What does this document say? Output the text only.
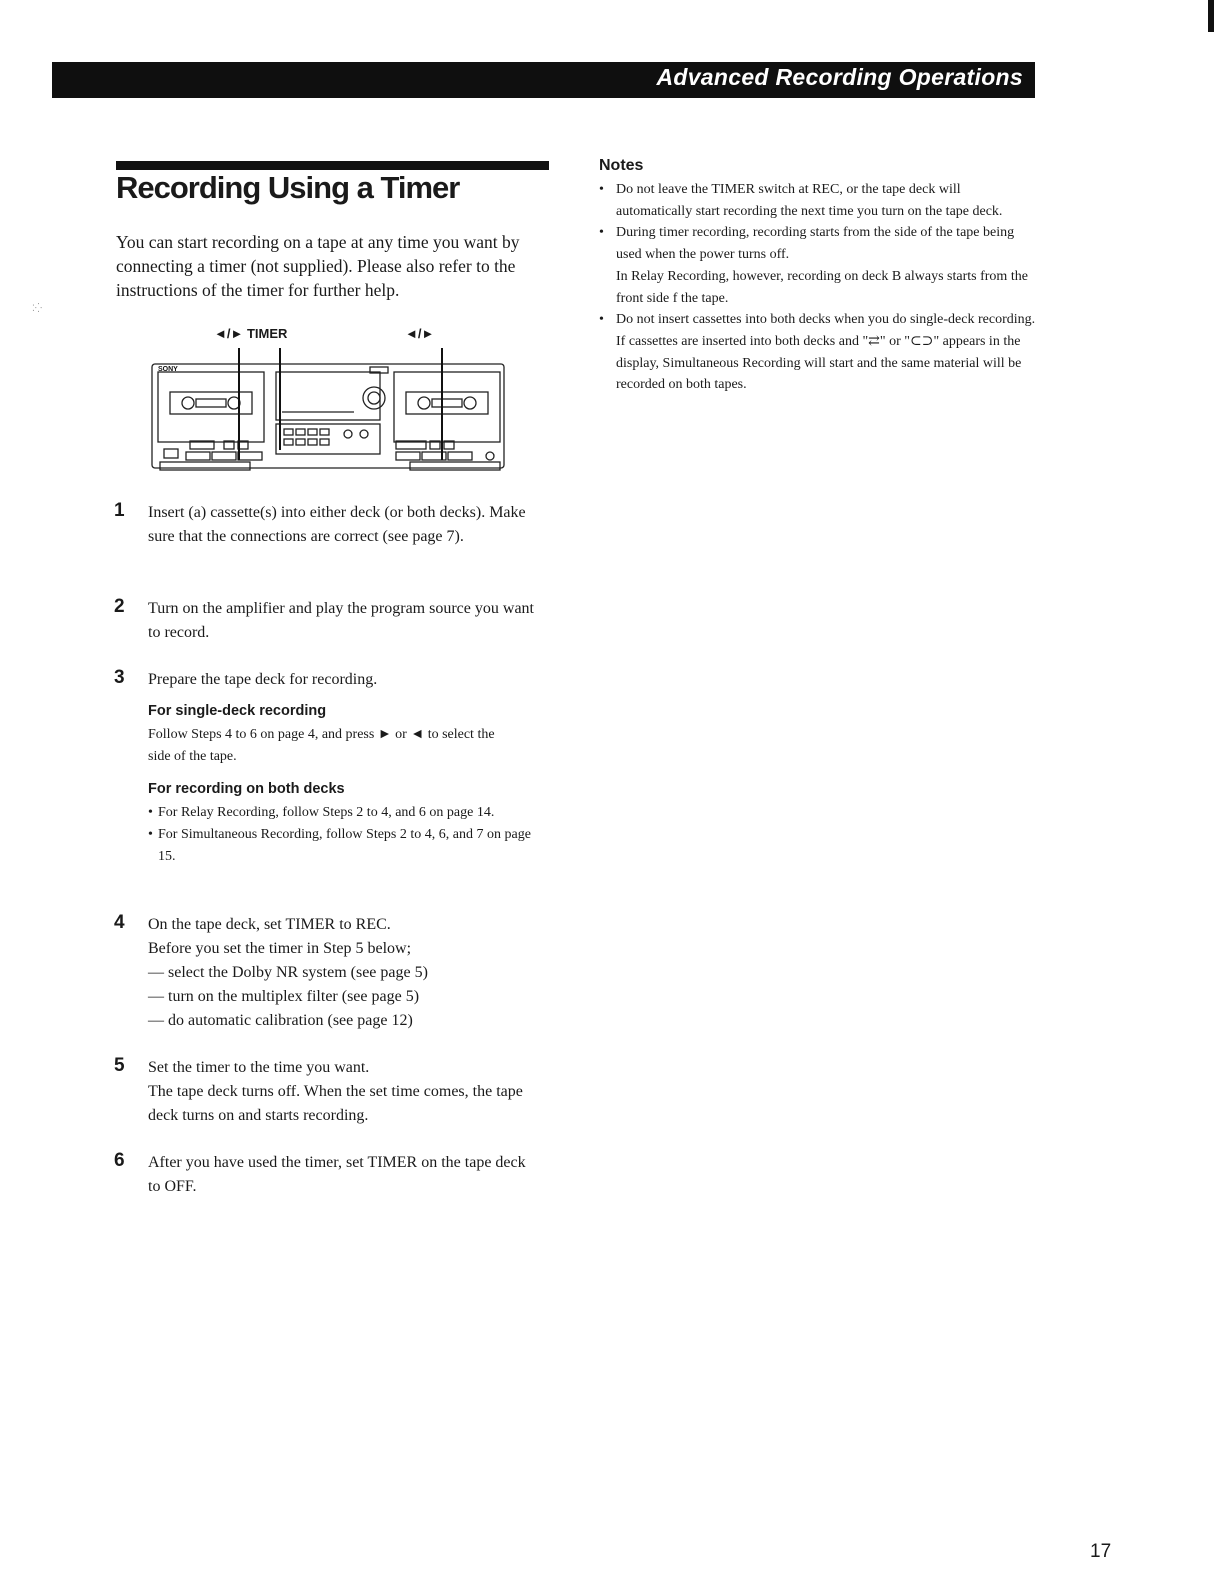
Advanced Recording Operations
Recording Using a Timer

You can start recording on a tape at any time you want by connecting a timer (not supplied). Please also refer to the instructions of the timer for further help.

⁚⁛
◄/► TIMER	◄/►
SONY
1 Insert (a) cassette(s) into either deck (or both decks). Make sure that the connections are correct (see page 7).

2 Turn on the amplifier and play the program source you want to record.

3 Prepare the tape deck for recording.

For single-deck recording

Follow Steps 4 to 6 on page 4, and press ► or ◄ to select the side of the tape.

For recording on both decks
• For Relay Recording, follow Steps 2 to 4, and 6 on page 14.
• For Simultaneous Recording, follow Steps 2 to 4, 6, and 7 on page 15.
4 On the tape deck, set TIMER to REC.

Before you set the timer in Step 5 below;

— select the Dolby NR system (see page 5)

— turn on the multiplex filter (see page 5)

— do automatic calibration (see page 12)

5 Set the timer to the time you want.

The tape deck turns off. When the set time comes, the tape deck turns on and starts recording.

6 After you have used the timer, set TIMER on the tape deck to OFF.

Notes
• Do not leave the TIMER switch at REC, or the tape deck will automatically start recording the next time you turn on the tape deck.
• During timer recording, recording starts from the side of the tape being used when the power turns off.
In Relay Recording, however, recording on deck B always starts from the front side f the tape.
• Do not insert cassettes into both decks when you do single-deck recording. If cassettes are inserted into both decks and "⇄" or "⊂⊃" appears in the display, Simultaneous Recording will start and the same material will be recorded on both tapes.
17
